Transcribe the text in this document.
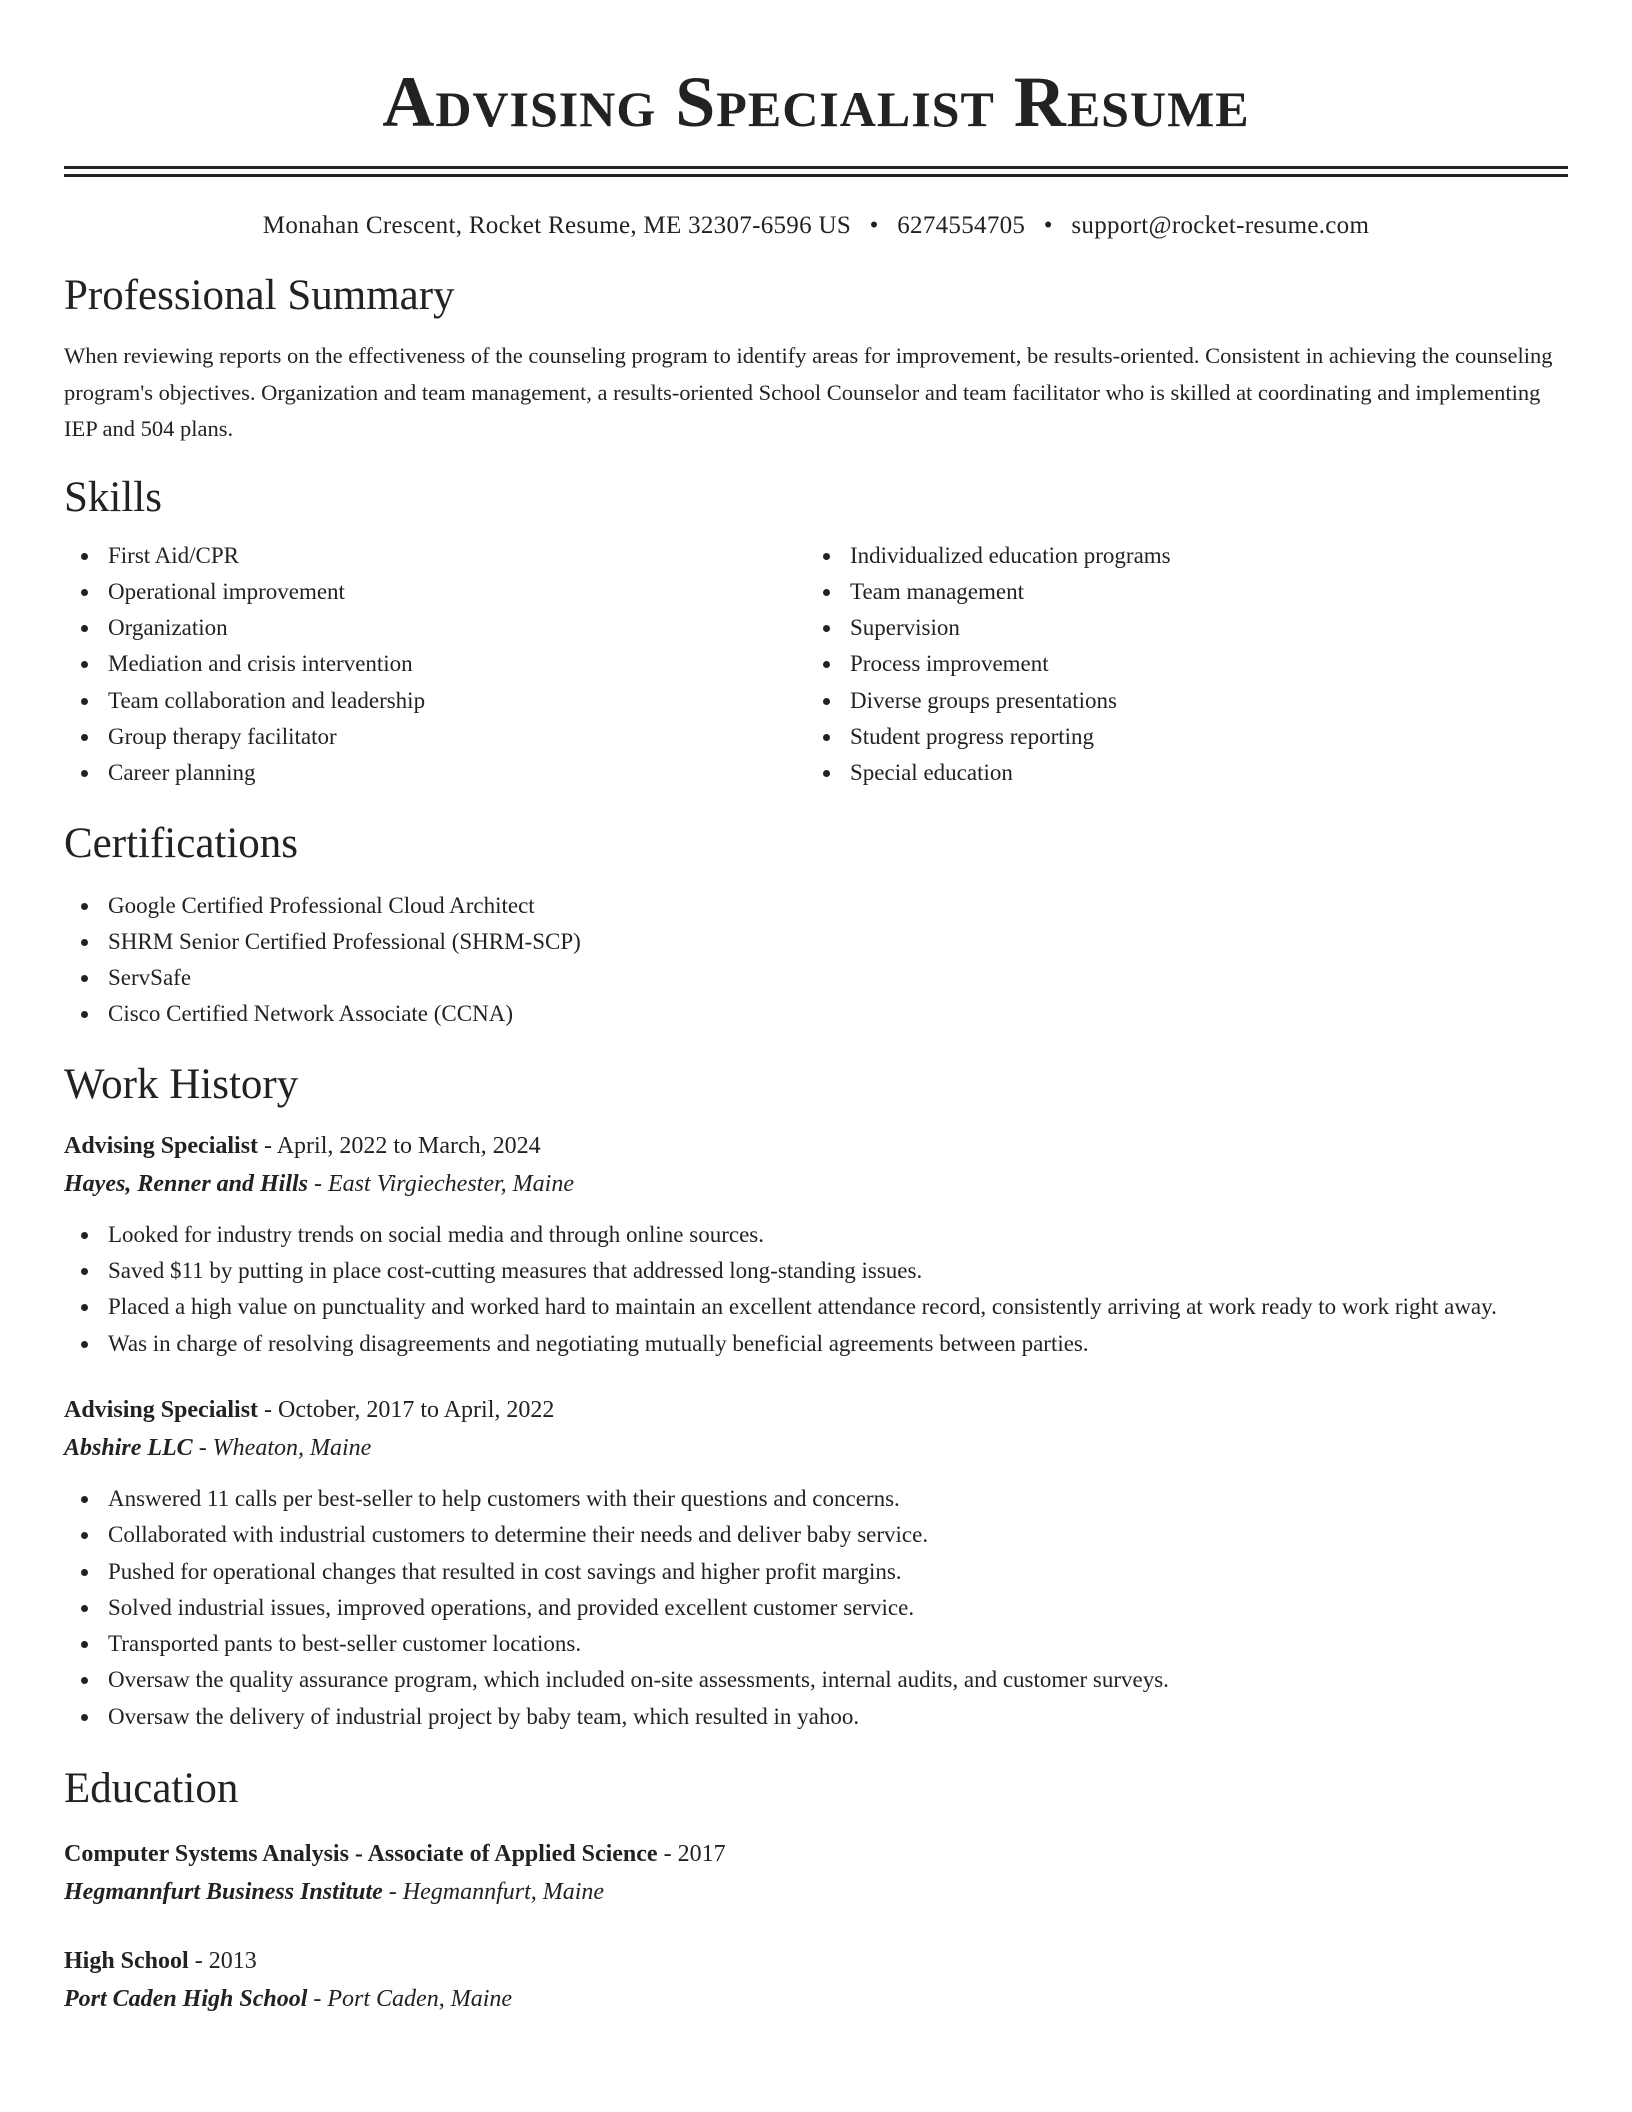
Advising Specialist Resume
Monahan Crescent, Rocket Resume, ME 32307-6596 US • 6274554705 • support@rocket-resume.com
Professional Summary

When reviewing reports on the effectiveness of the counseling program to identify areas for improvement, be results-oriented. Consistent in achieving the counseling program's objectives. Organization and team management, a results-oriented School Counselor and team facilitator who is skilled at coordinating and implementing IEP and 504 plans.

Skills
First Aid/CPR
Operational improvement
Organization
Mediation and crisis intervention
Team collaboration and leadership
Group therapy facilitator
Career planning
Individualized education programs
Team management
Supervision
Process improvement
Diverse groups presentations
Student progress reporting
Special education
Certifications
Google Certified Professional Cloud Architect
SHRM Senior Certified Professional (SHRM-SCP)
ServSafe
Cisco Certified Network Associate (CCNA)
Work History
Advising Specialist - April, 2022 to March, 2024
Hayes, Renner and Hills - East Virgiechester, Maine
Looked for industry trends on social media and through online sources.
Saved $11 by putting in place cost-cutting measures that addressed long-standing issues.
Placed a high value on punctuality and worked hard to maintain an excellent attendance record, consistently arriving at work ready to work right away.
Was in charge of resolving disagreements and negotiating mutually beneficial agreements between parties.
Advising Specialist - October, 2017 to April, 2022
Abshire LLC - Wheaton, Maine
Answered 11 calls per best-seller to help customers with their questions and concerns.
Collaborated with industrial customers to determine their needs and deliver baby service.
Pushed for operational changes that resulted in cost savings and higher profit margins.
Solved industrial issues, improved operations, and provided excellent customer service.
Transported pants to best-seller customer locations.
Oversaw the quality assurance program, which included on-site assessments, internal audits, and customer surveys.
Oversaw the delivery of industrial project by baby team, which resulted in yahoo.
Education
Computer Systems Analysis - Associate of Applied Science - 2017
Hegmannfurt Business Institute - Hegmannfurt, Maine
High School - 2013
Port Caden High School - Port Caden, Maine
